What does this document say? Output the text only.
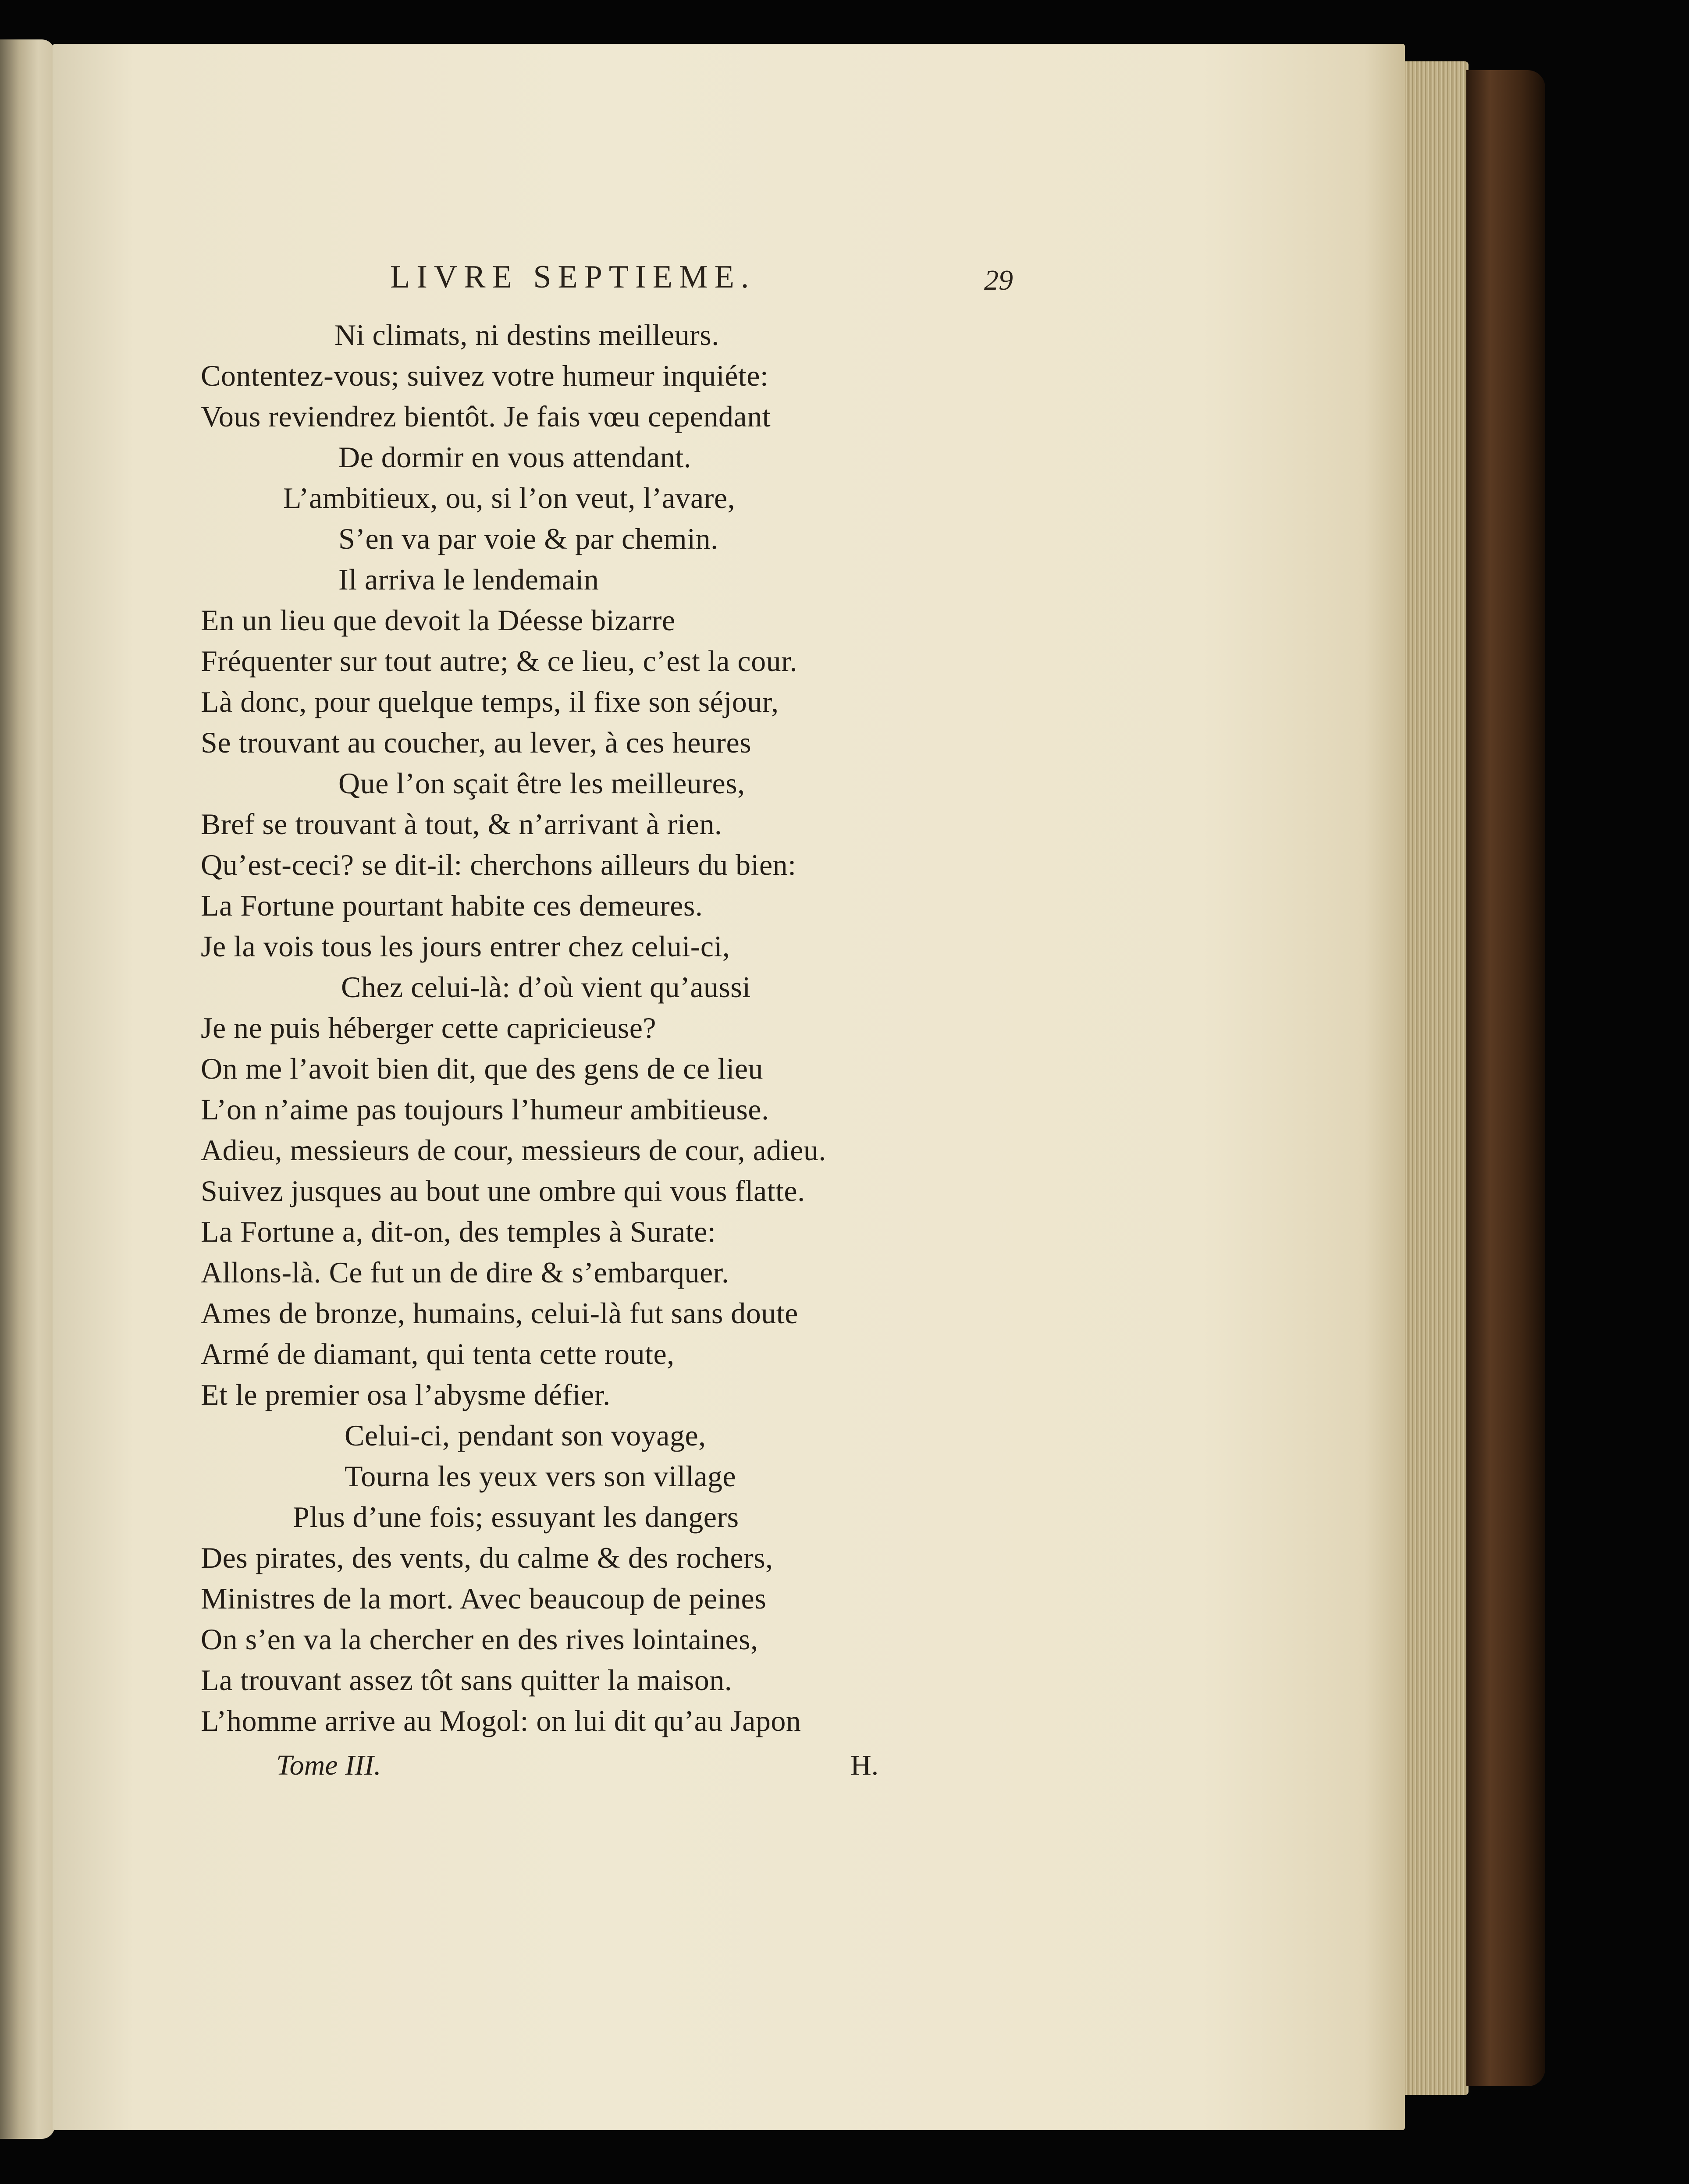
LIVRE SEPTIEME.	29
Ni climats, ni destins meilleurs.
Contentez-vous; suivez votre humeur inquiéte:
Vous reviendrez bientôt. Je fais vœu cependant
De dormir en vous attendant.
L’ambitieux, ou, si l’on veut, l’avare,
S’en va par voie & par chemin.
Il arriva le lendemain
En un lieu que devoit la Déesse bizarre
Fréquenter sur tout autre; & ce lieu, c’est la cour.
Là donc, pour quelque temps, il fixe son séjour,
Se trouvant au coucher, au lever, à ces heures
Que l’on sçait être les meilleures,
Bref se trouvant à tout, & n’arrivant à rien.
Qu’est-ceci? se dit-il: cherchons ailleurs du bien:
La Fortune pourtant habite ces demeures.
Je la vois tous les jours entrer chez celui-ci,
Chez celui-là: d’où vient qu’aussi
Je ne puis héberger cette capricieuse?
On me l’avoit bien dit, que des gens de ce lieu
L’on n’aime pas toujours l’humeur ambitieuse.
Adieu, messieurs de cour, messieurs de cour, adieu.
Suivez jusques au bout une ombre qui vous flatte.
La Fortune a, dit-on, des temples à Surate:
Allons-là. Ce fut un de dire & s’embarquer.
Ames de bronze, humains, celui-là fut sans doute
Armé de diamant, qui tenta cette route,
Et le premier osa l’abysme défier.
Celui-ci, pendant son voyage,
Tourna les yeux vers son village
Plus d’une fois; essuyant les dangers
Des pirates, des vents, du calme & des rochers,
Ministres de la mort. Avec beaucoup de peines
On s’en va la chercher en des rives lointaines,
La trouvant assez tôt sans quitter la maison.
L’homme arrive au Mogol: on lui dit qu’au Japon
Tome III.	H.
